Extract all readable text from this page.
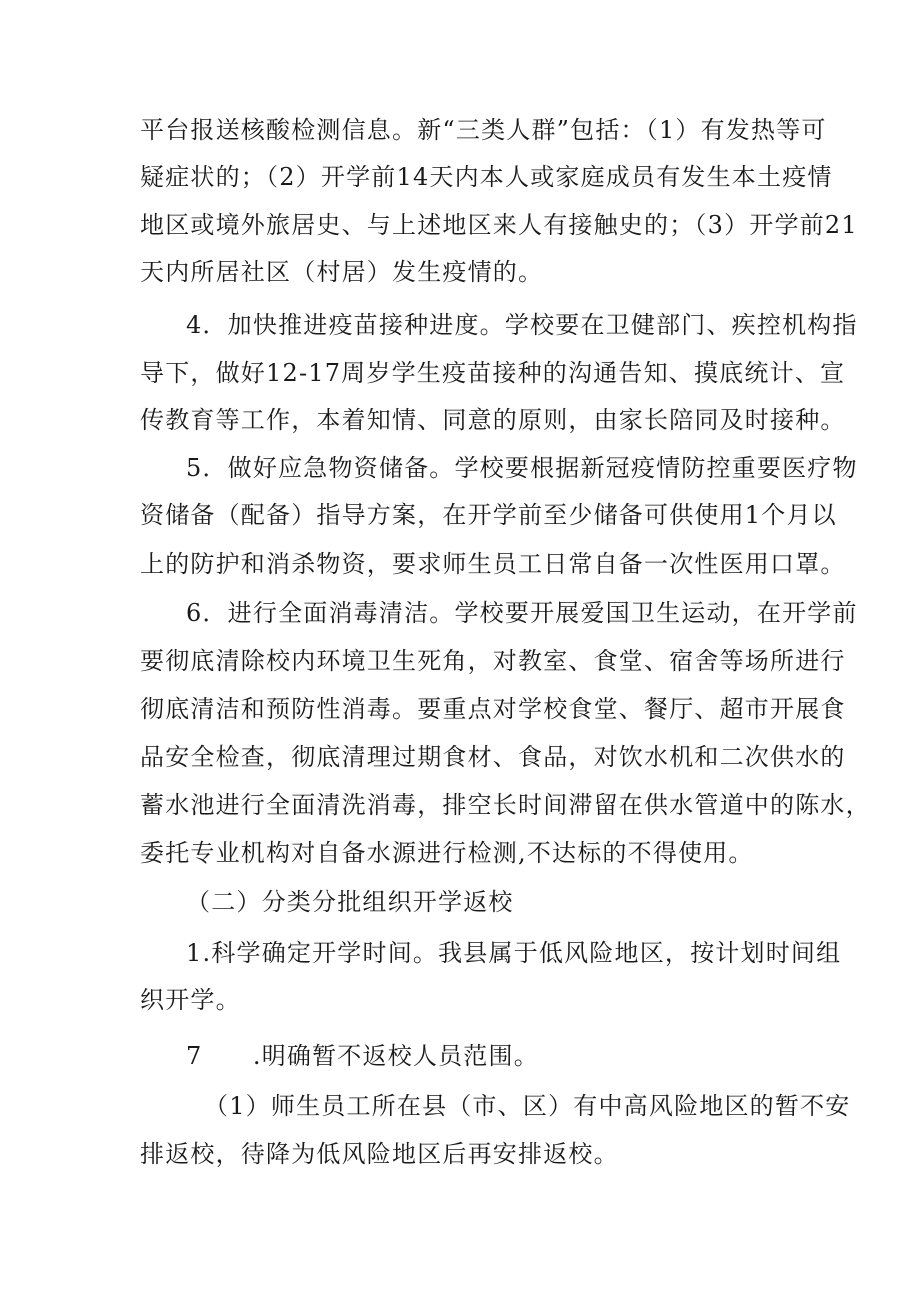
平台报送核酸检测信息。新“三类人群”包括：（1）有发热等可
疑症状的；（2）开学前14天内本人或家庭成员有发生本土疫情
地区或境外旅居史、与上述地区来人有接触史的；（3）开学前21
天内所居社区（村居）发生疫情的。
4．加快推进疫苗接种进度。学校要在卫健部门、疾控机构指
导下，做好12-17周岁学生疫苗接种的沟通告知、摸底统计、宣
传教育等工作，本着知情、同意的原则，由家长陪同及时接种。
5．做好应急物资储备。学校要根据新冠疫情防控重要医疗物
资储备（配备）指导方案，在开学前至少储备可供使用1个月以
上的防护和消杀物资，要求师生员工日常自备一次性医用口罩。
6．进行全面消毒清洁。学校要开展爱国卫生运动，在开学前
要彻底清除校内环境卫生死角，对教室、食堂、宿舍等场所进行
彻底清洁和预防性消毒。要重点对学校食堂、餐厅、超市开展食
品安全检查，彻底清理过期食材、食品，对饮水机和二次供水的
蓄水池进行全面清洗消毒，排空长时间滞留在供水管道中的陈水，
委托专业机构对自备水源进行检测,不达标的不得使用。
（二）分类分批组织开学返校
1.科学确定开学时间。我县属于低风险地区，按计划时间组
织开学。
7　　.明确暂不返校人员范围。
（1）师生员工所在县（市、区）有中高风险地区的暂不安
排返校，待降为低风险地区后再安排返校。
